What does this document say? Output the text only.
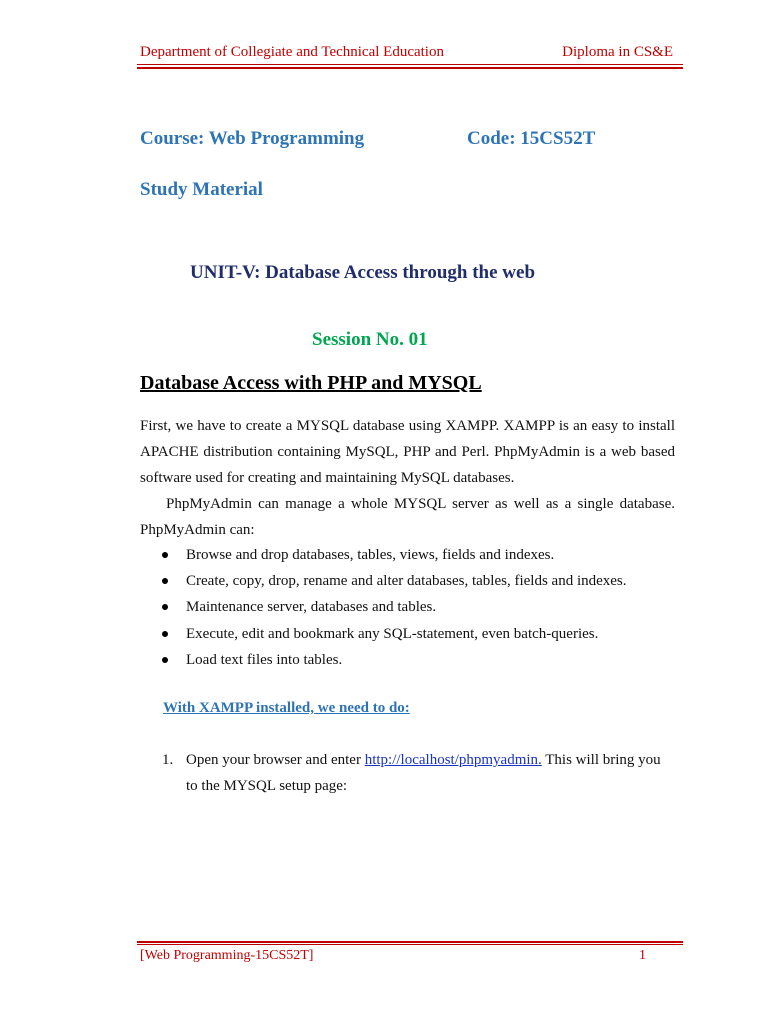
Department of Collegiate and Technical Education	Diploma in CS&E
Course: Web Programming	Code: 15CS52T
Study Material
UNIT-V: Database Access through the web
Session No. 01
Database Access with PHP and MYSQL
First, we have to create a MYSQL database using XAMPP. XAMPP is an easy to install APACHE distribution containing MySQL, PHP and Perl. PhpMyAdmin is a web based software used for creating and maintaining MySQL databases.
PhpMyAdmin can manage a whole MYSQL server as well as a single database. PhpMyAdmin can:
Browse and drop databases, tables, views, fields and indexes.
Create, copy, drop, rename and alter databases, tables, fields and indexes.
Maintenance server, databases and tables.
Execute, edit and bookmark any SQL-statement, even batch-queries.
Load text files into tables.
With XAMPP installed, we need to do:
1. Open your browser and enter http://localhost/phpmyadmin. This will bring you to the MYSQL setup page:
[Web Programming-15CS52T]	1
